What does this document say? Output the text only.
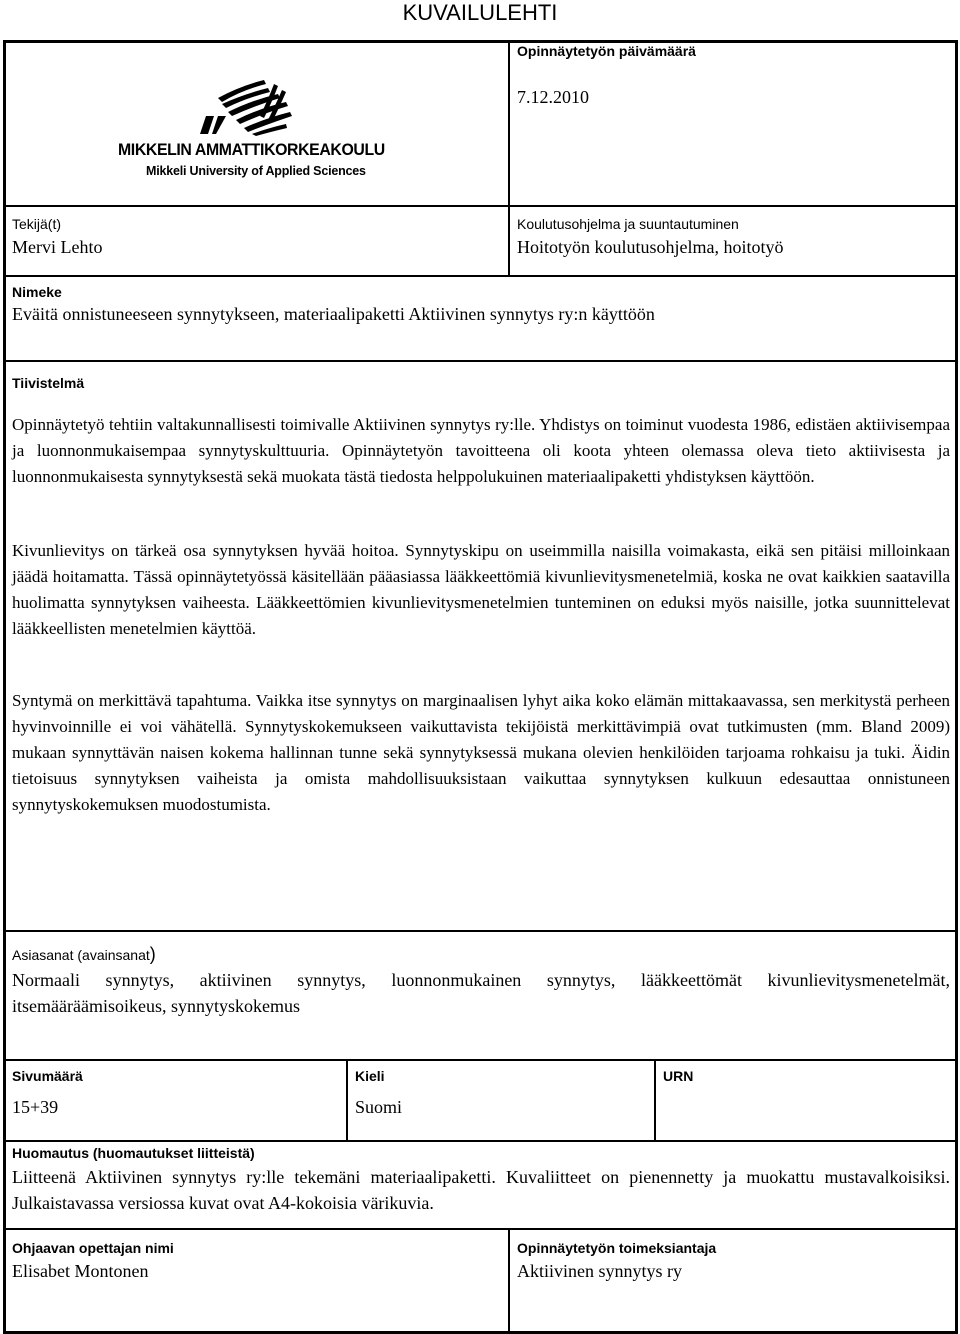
KUVAILULEHTI
MIKKELIN AMMATTIKORKEAKOULU
Mikkeli University of Applied Sciences
Opinnäytetyön päivämäärä
7.12.2010
Tekijä(t)
Mervi Lehto
Koulutusohjelma ja suuntautuminen
Hoitotyön koulutusohjelma, hoitotyö
Nimeke
Eväitä onnistuneeseen synnytykseen, materiaalipaketti Aktiivinen synnytys ry:n käyttöön
Tiivistelmä
Opinnäytetyö tehtiin valtakunnallisesti toimivalle Aktiivinen synnytys ry:lle. Yhdistys on toiminut vuodesta 1986, edistäen aktiivisempaa ja luonnonmukaisempaa synnytyskulttuuria. Opinnäytetyön tavoitteena oli koota yhteen olemassa oleva tieto aktiivisesta ja luonnonmukaisesta synnytyksestä sekä muokata tästä tiedosta helppolukuinen materiaalipaketti yhdistyksen käyttöön.
Kivunlievitys on tärkeä osa synnytyksen hyvää hoitoa. Synnytyskipu on useimmilla naisilla voimakasta, eikä sen pitäisi milloinkaan jäädä hoitamatta. Tässä opinnäytetyössä käsitellään pääasiassa lääkkeettömiä kivunlievitysmenetelmiä, koska ne ovat kaikkien saatavilla huolimatta synnytyksen vaiheesta. Lääkkeettömien kivunlievitysmenetelmien tunteminen on eduksi myös naisille, jotka suunnittelevat lääkkeellisten menetelmien käyttöä.
Syntymä on merkittävä tapahtuma. Vaikka itse synnytys on marginaalisen lyhyt aika koko elämän mittakaavassa, sen merkitystä perheen hyvinvoinnille ei voi vähätellä. Synnytyskokemukseen vaikuttavista tekijöistä merkittävimpiä ovat tutkimusten (mm. Bland 2009) mukaan synnyttävän naisen kokema hallinnan tunne sekä synnytyksessä mukana olevien henkilöiden tarjoama rohkaisu ja tuki. Äidin tietoisuus synnytyksen vaiheista ja omista mahdollisuuksistaan vaikuttaa synnytyksen kulkuun edesauttaa onnistuneen synnytyskokemuksen muodostumista.
Asiasanat (avainsanat)
Normaali synnytys, aktiivinen synnytys, luonnonmukainen synnytys, lääkkeettömät kivunlievitysmenetelmät, itsemääräämisoikeus, synnytyskokemus
Sivumäärä
15+39
Kieli
Suomi
URN
Huomautus (huomautukset liitteistä)
Liitteenä Aktiivinen synnytys ry:lle tekemäni materiaalipaketti. Kuvaliitteet on pienennetty ja muokattu mustavalkoisiksi. Julkaistavassa versiossa kuvat ovat A4-kokoisia värikuvia.
Ohjaavan opettajan nimi
Elisabet Montonen
Opinnäytetyön toimeksiantaja
Aktiivinen synnytys ry
